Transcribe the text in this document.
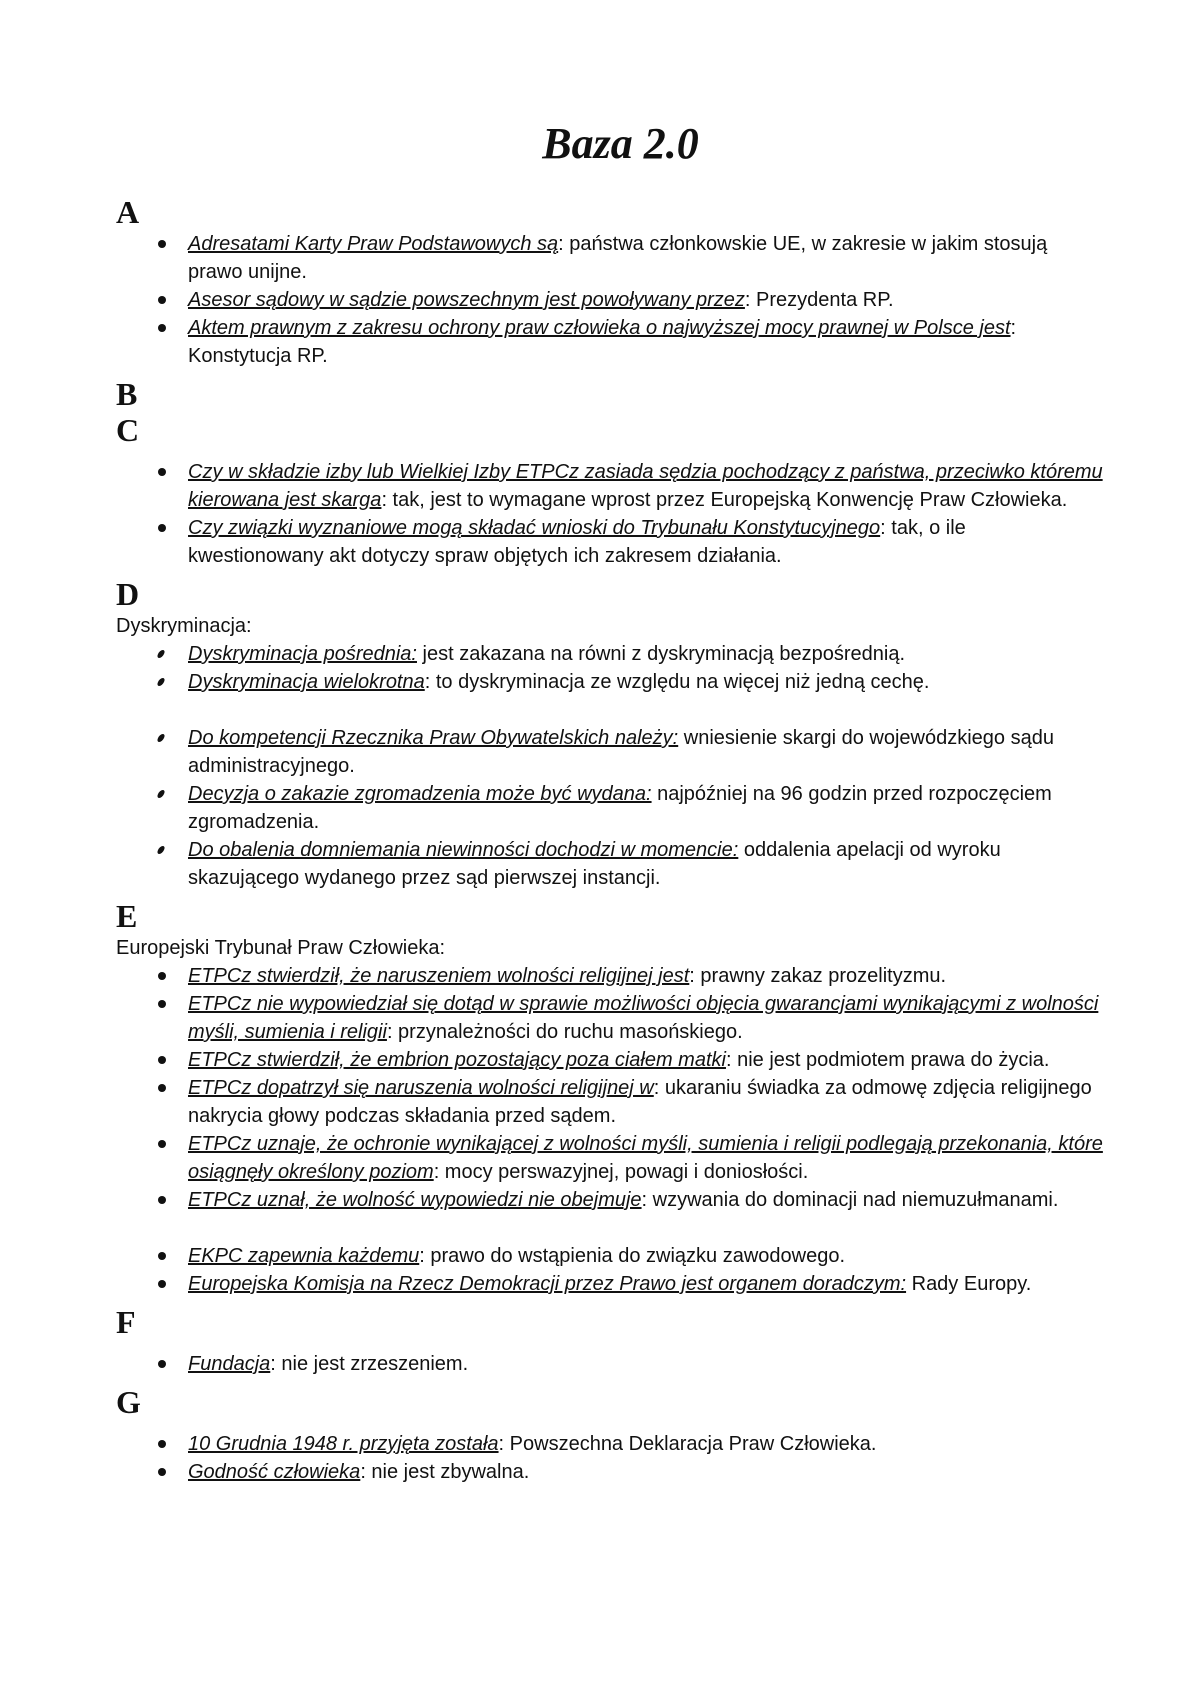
Baza 2.0
A
Adresatami Karty Praw Podstawowych są: państwa członkowskie UE, w zakresie w jakim stosują prawo unijne.
Asesor sądowy w sądzie powszechnym jest powoływany przez: Prezydenta RP.
Aktem prawnym z zakresu ochrony praw człowieka o najwyższej mocy prawnej w Polsce jest: Konstytucja RP.
B
C
Czy w składzie izby lub Wielkiej Izby ETPCz zasiada sędzia pochodzący z państwa, przeciwko któremu kierowana jest skarga: tak, jest to wymagane wprost przez Europejską Konwencję Praw Człowieka.
Czy związki wyznaniowe mogą składać wnioski do Trybunału Konstytucyjnego: tak, o ile kwestionowany akt dotyczy spraw objętych ich zakresem działania.
D
Dyskryminacja:
Dyskryminacja pośrednia: jest zakazana na równi z dyskryminacją bezpośrednią.
Dyskryminacja wielokrotna: to dyskryminacja ze względu na więcej niż jedną cechę.
Do kompetencji Rzecznika Praw Obywatelskich należy: wniesienie skargi do wojewódzkiego sądu administracyjnego.
Decyzja o zakazie zgromadzenia może być wydana: najpóźniej na 96 godzin przed rozpoczęciem zgromadzenia.
Do obalenia domniemania niewinności dochodzi w momencie: oddalenia apelacji od wyroku skazującego wydanego przez sąd pierwszej instancji.
E
Europejski Trybunał Praw Człowieka:
ETPCz stwierdził, że naruszeniem wolności religijnej jest: prawny zakaz prozelityzmu.
ETPCz nie wypowiedział się dotąd w sprawie możliwości objęcia gwarancjami wynikającymi z wolności myśli, sumienia i religii: przynależności do ruchu masońskiego.
ETPCz stwierdził, że embrion pozostający poza ciałem matki: nie jest podmiotem prawa do życia.
ETPCz dopatrzył się naruszenia wolności religijnej w: ukaraniu świadka za odmowę zdjęcia religijnego nakrycia głowy podczas składania przed sądem.
ETPCz uznaje, że ochronie wynikającej z wolności myśli, sumienia i religii podlegają przekonania, które osiągnęły określony poziom: mocy perswazyjnej, powagi i doniosłości.
ETPCz uznał, że wolność wypowiedzi nie obejmuje: wzywania do dominacji nad niemuzułmanami.
EKPC zapewnia każdemu: prawo do wstąpienia do związku zawodowego.
Europejska Komisja na Rzecz Demokracji przez Prawo jest organem doradczym: Rady Europy.
F
Fundacja: nie jest zrzeszeniem.
G
10 Grudnia 1948 r. przyjęta została: Powszechna Deklaracja Praw Człowieka.
Godność człowieka: nie jest zbywalna.
